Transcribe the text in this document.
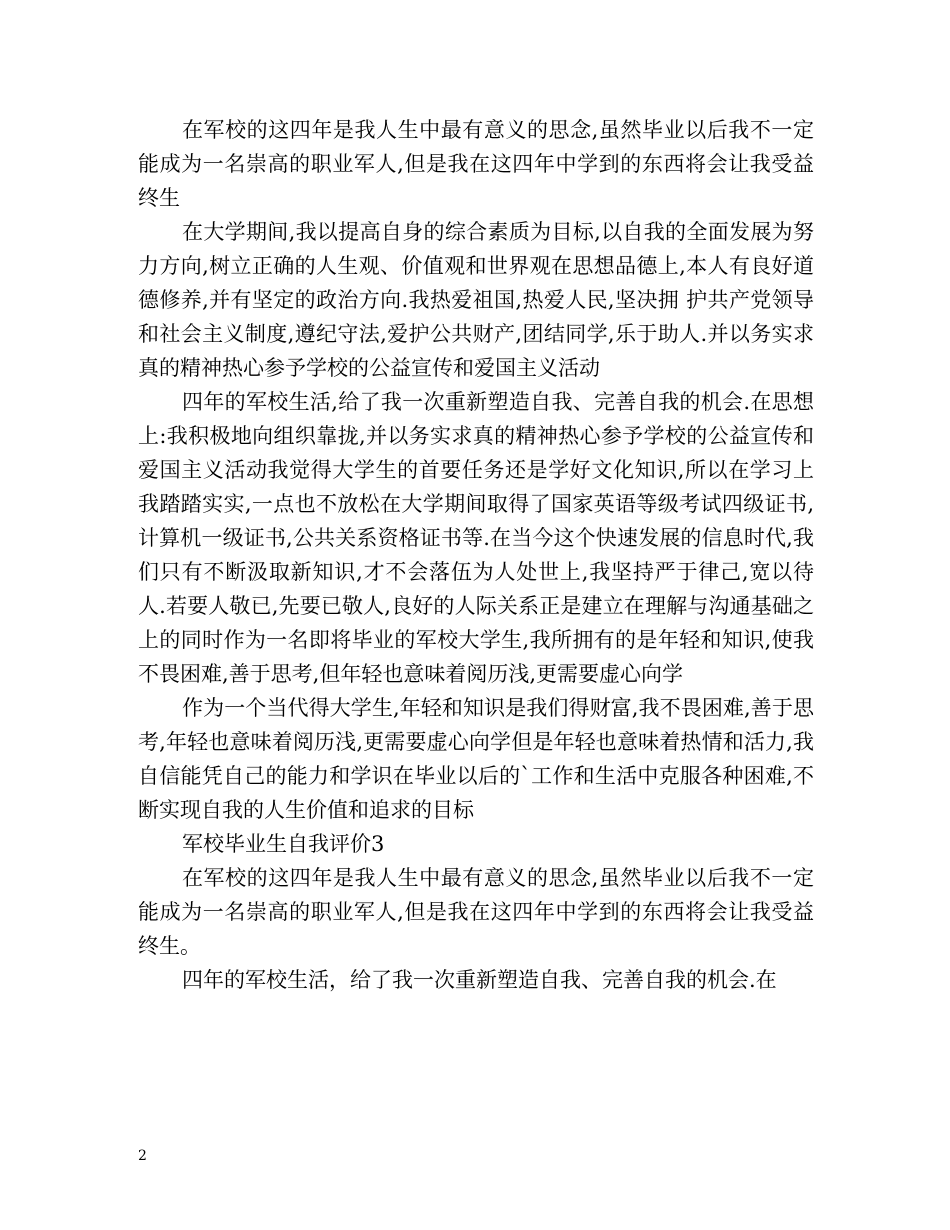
在军校的这四年是我人生中最有意义的思念,虽然毕业以后我不一定能成为一名崇高的职业军人,但是我在这四年中学到的东西将会让我受益终生

在大学期间,我以提高自身的综合素质为目标,以自我的全面发展为努力方向,树立正确的人生观、价值观和世界观在思想品德上,本人有良好道德修养,并有坚定的政治方向.我热爱祖国,热爱人民,坚决拥 护共产党领导和社会主义制度,遵纪守法,爱护公共财产,团结同学,乐于助人.并以务实求真的精神热心参予学校的公益宣传和爱国主义活动

四年的军校生活,给了我一次重新塑造自我、完善自我的机会.在思想上:我积极地向组织靠拢,并以务实求真的精神热心参予学校的公益宣传和爱国主义活动我觉得大学生的首要任务还是学好文化知识,所以在学习上我踏踏实实,一点也不放松在大学期间取得了国家英语等级考试四级证书,计算机一级证书,公共关系资格证书等.在当今这个快速发展的信息时代,我们只有不断汲取新知识,才不会落伍为人处世上,我坚持严于律己,宽以待人.若要人敬已,先要已敬人,良好的人际关系正是建立在理解与沟通基础之上的同时作为一名即将毕业的军校大学生,我所拥有的是年轻和知识,使我不畏困难,善于思考,但年轻也意味着阅历浅,更需要虚心向学

作为一个当代得大学生,年轻和知识是我们得财富,我不畏困难,善于思考,年轻也意味着阅历浅,更需要虚心向学但是年轻也意味着热情和活力,我自信能凭自己的能力和学识在毕业以后的`工作和生活中克服各种困难,不断实现自我的人生价值和追求的目标

军校毕业生自我评价3

在军校的这四年是我人生中最有意义的思念,虽然毕业以后我不一定能成为一名崇高的职业军人,但是我在这四年中学到的东西将会让我受益终生。

四年的军校生活，给了我一次重新塑造自我、完善自我的机会.在

2
